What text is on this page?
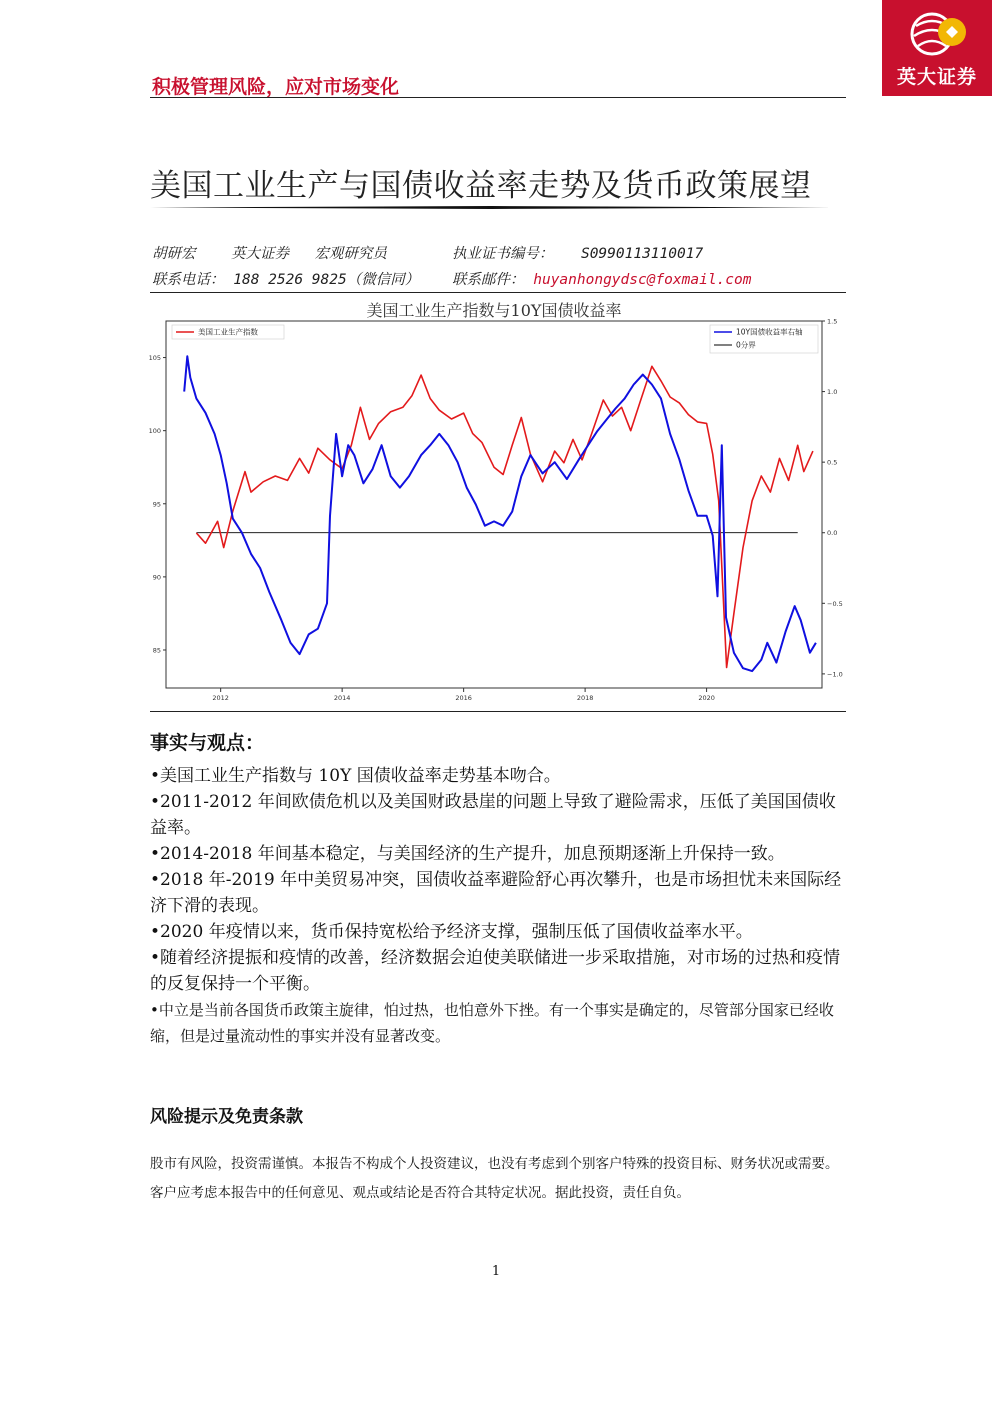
英大证券
积极管理风险，应对市场变化
美国工业生产与国债收益率走势及货币政策展望
胡研宏 英大证券 宏观研究员	执业证书编号： S0990113110017
联系电话： 188 2526 9825（微信同） 联系邮件： huyanhongydsc@foxmail.com
美国工业生产指数与10Y国债收益率
2012	2014	2016	2018	2020
85
90
95
100
105
−1.0
−0.5
0.0
0.5
1.0
1.5
美国工业生产指数	10Y国债收益率右轴
0分界
事实与观点：

•美国工业生产指数与 10Y 国债收益率走势基本吻合。

•2011-2012 年间欧债危机以及美国财政悬崖的问题上导致了避险需求，压低了美国国债收益率。

•2014-2018 年间基本稳定，与美国经济的生产提升，加息预期逐渐上升保持一致。

•2018 年-2019 年中美贸易冲突，国债收益率避险舒心再次攀升，也是市场担忧未来国际经济下滑的表现。

•2020 年疫情以来，货币保持宽松给予经济支撑，强制压低了国债收益率水平。

•随着经济提振和疫情的改善，经济数据会迫使美联储进一步采取措施，对市场的过热和疫情的反复保持一个平衡。

•中立是当前各国货币政策主旋律，怕过热，也怕意外下挫。有一个事实是确定的，尽管部分国家已经收缩，但是过量流动性的事实并没有显著改变。

风险提示及免责条款
股市有风险，投资需谨慎。本报告不构成个人投资建议，也没有考虑到个别客户特殊的投资目标、财务状况或需要。客户应考虑本报告中的任何意见、观点或结论是否符合其特定状况。据此投资，责任自负。
1
